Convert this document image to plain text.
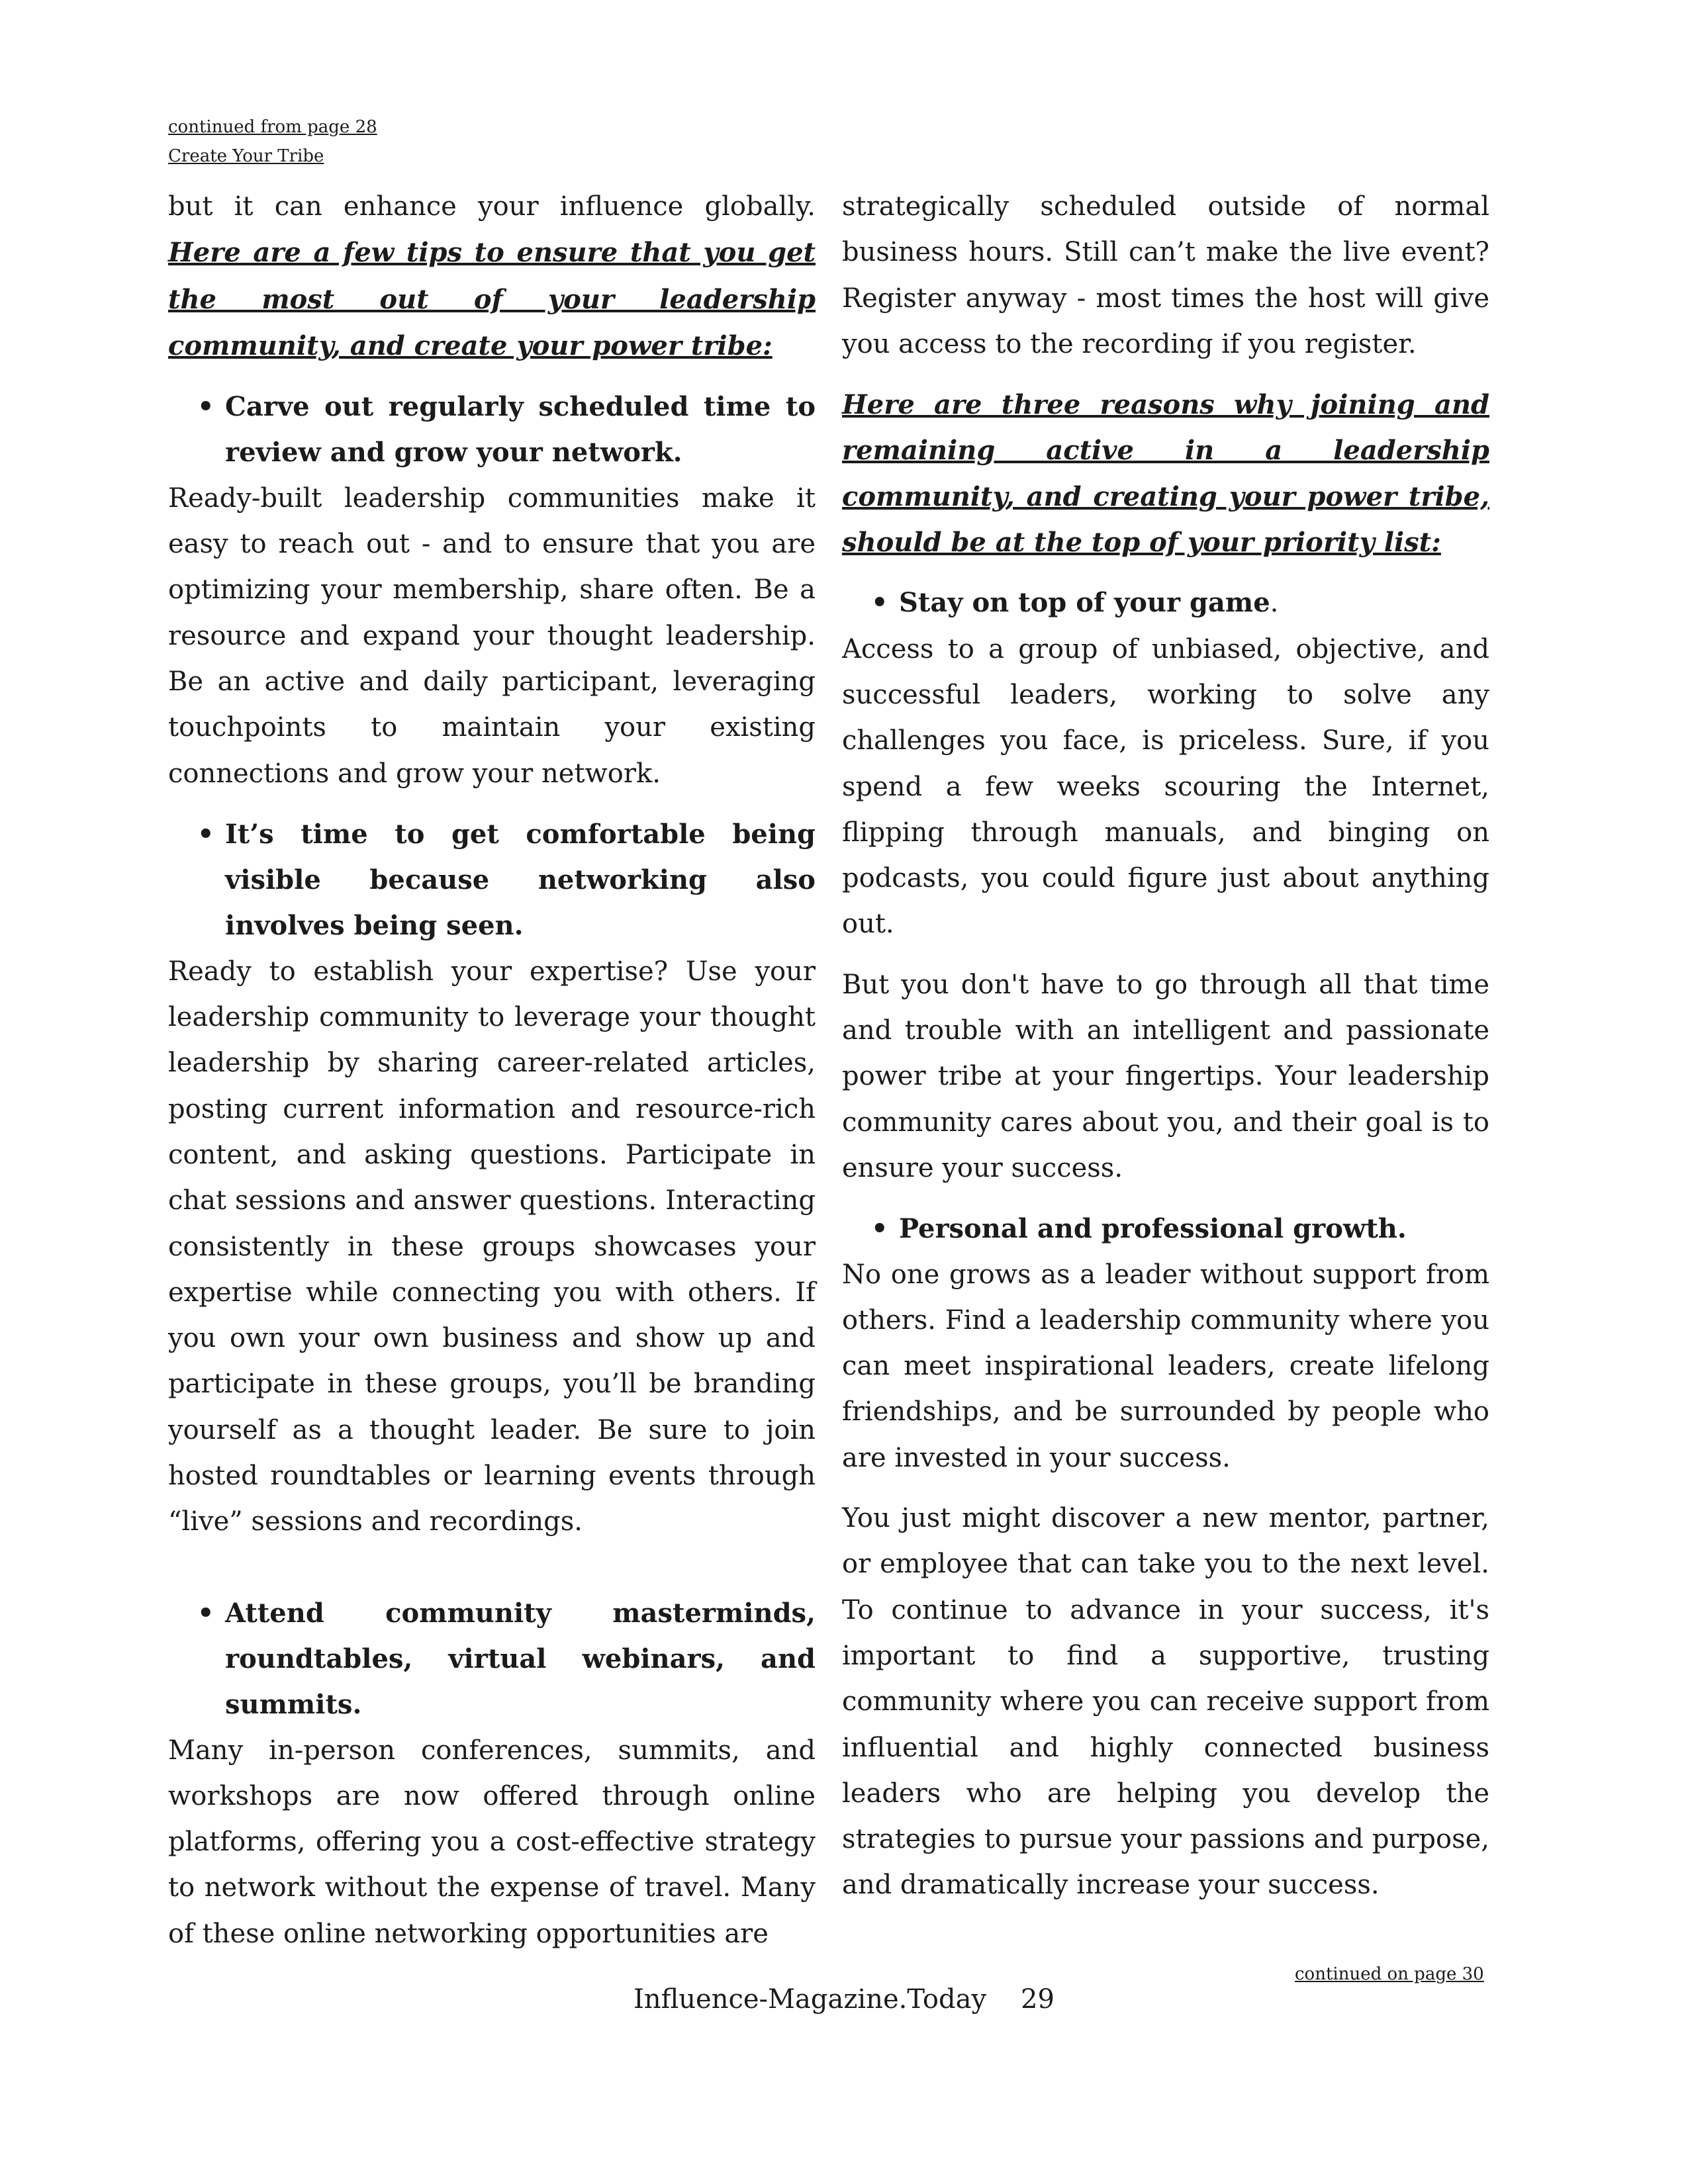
continued from page 28
Create Your Tribe

but it can enhance your influence globally. Here are a few tips to ensure that you get the most out of your leadership community, and create your power tribe:

• Carve out regularly scheduled time to review and grow your network.

Ready-built leadership communities make it easy to reach out - and to ensure that you are optimizing your membership, share often. Be a resource and expand your thought leadership. Be an active and daily participant, leveraging touchpoints to maintain your existing connections and grow your network.

• It’s time to get comfortable being visible because networking also involves being seen.

Ready to establish your expertise? Use your leadership community to leverage your thought leadership by sharing career-related articles, posting current information and resource-rich content, and asking questions. Participate in chat sessions and answer questions. Interacting consistently in these groups showcases your expertise while connecting you with others. If you own your own business and show up and participate in these groups, you’ll be branding yourself as a thought leader. Be sure to join hosted roundtables or learning events through “live” sessions and recordings.

• Attend community masterminds, roundtables, virtual webinars, and summits.

Many in-person conferences, summits, and workshops are now offered through online platforms, offering you a cost-effective strategy to network without the expense of travel. Many of these online networking opportunities are

strategically scheduled outside of normal business hours. Still can’t make the live event? Register anyway - most times the host will give you access to the recording if you register.

Here are three reasons why joining and remaining active in a leadership community, and creating your power tribe, should be at the top of your priority list:

• Stay on top of your game.

Access to a group of unbiased, objective, and successful leaders, working to solve any challenges you face, is priceless. Sure, if you spend a few weeks scouring the Internet, flipping through manuals, and binging on podcasts, you could figure just about anything out.

But you don't have to go through all that time and trouble with an intelligent and passionate power tribe at your fingertips. Your leadership community cares about you, and their goal is to ensure your success.

• Personal and professional growth.

No one grows as a leader without support from others. Find a leadership community where you can meet inspirational leaders, create lifelong friendships, and be surrounded by people who are invested in your success.

You just might discover a new mentor, partner, or employee that can take you to the next level. To continue to advance in your success, it's important to find a supportive, trusting community where you can receive support from influential and highly connected business leaders who are helping you develop the strategies to pursue your passions and purpose, and dramatically increase your success.

continued on page 30
Influence-Magazine.Today 29
